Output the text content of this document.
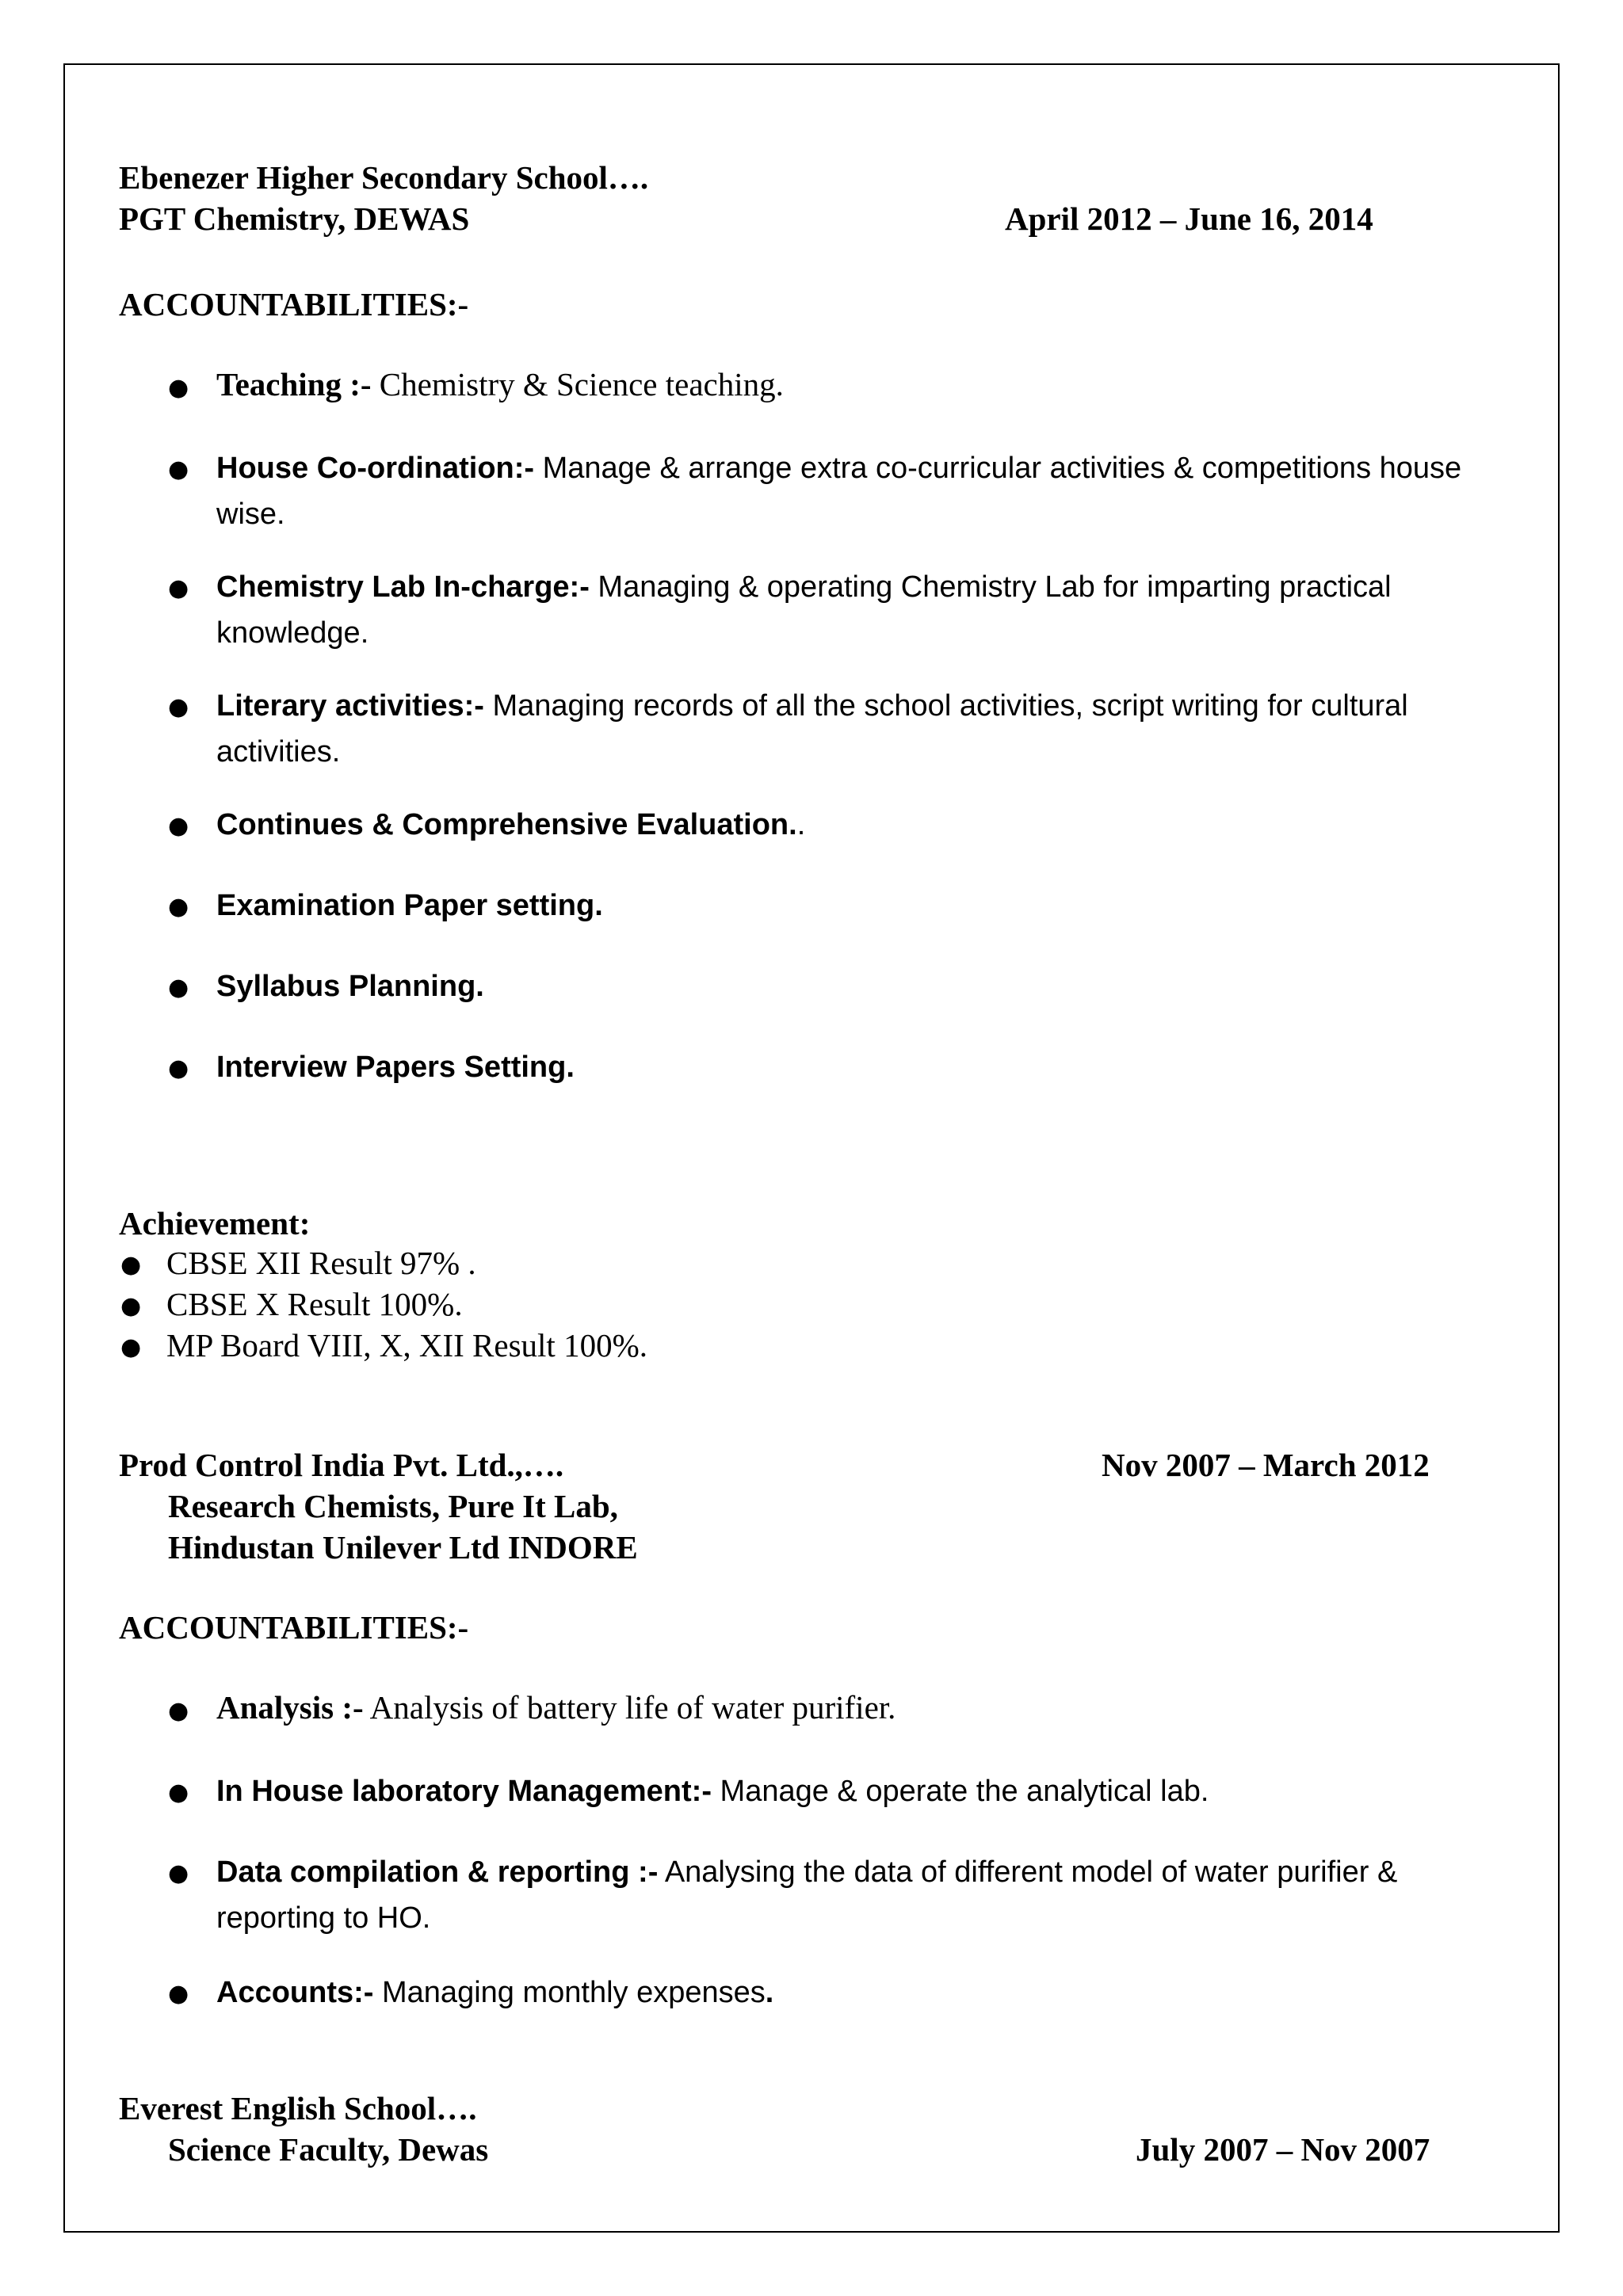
Ebenezer Higher Secondary School….
PGT Chemistry, DEWAS	April 2012 – June 16, 2014
ACCOUNTABILITIES:-
● Teaching :- Chemistry & Science teaching.
● House Co-ordination:- Manage & arrange extra co-curricular activities & competitions house wise.
● Chemistry Lab In-charge:- Managing & operating Chemistry Lab for imparting practical knowledge.
● Literary activities:- Managing records of all the school activities, script writing for cultural activities.
● Continues & Comprehensive Evaluation..
● Examination Paper setting.
● Syllabus Planning.
● Interview Papers Setting.
Achievement:
● CBSE XII Result 97% .
● CBSE X Result 100%.
● MP Board VIII, X, XII Result 100%.
Prod Control India Pvt. Ltd.,….	Nov 2007 – March 2012
Research Chemists, Pure It Lab,
Hindustan Unilever Ltd INDORE
ACCOUNTABILITIES:-
● Analysis :- Analysis of battery life of water purifier.
● In House laboratory Management:- Manage & operate the analytical lab.
● Data compilation & reporting :- Analysing the data of different model of water purifier & reporting to HO.
● Accounts:- Managing monthly expenses.
Everest English School….
Science Faculty, Dewas	July 2007 – Nov 2007
